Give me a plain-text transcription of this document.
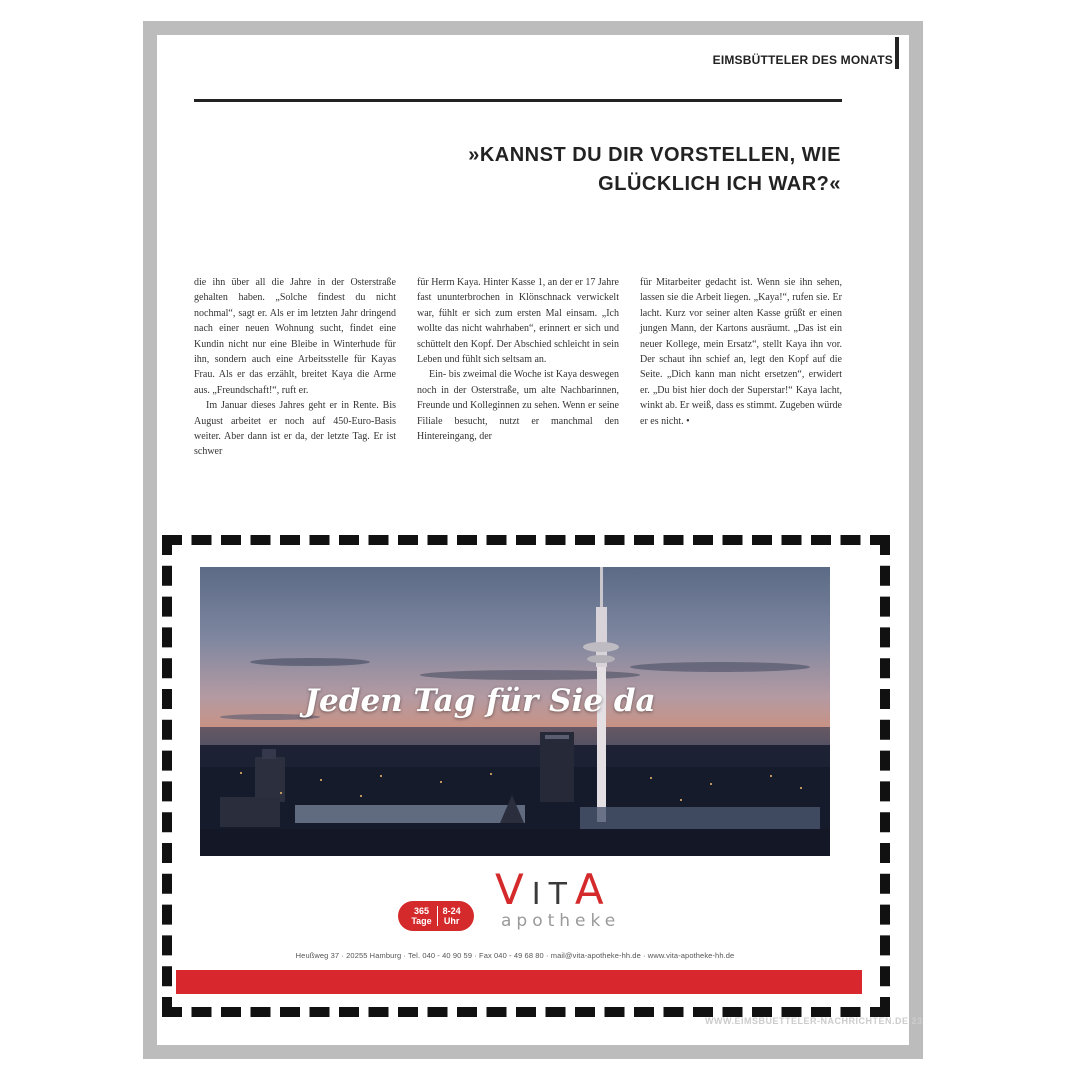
EIMSBÜTTELER DES MONATS
»KANNST DU DIR VORSTELLEN, WIE
GLÜCKLICH ICH WAR?«

die ihn über all die Jahre in der Osterstraße gehalten haben. „Solche findest du nicht nochmal“, sagt er. Als er im letzten Jahr dringend nach einer neuen Wohnung sucht, findet eine Kundin nicht nur eine Bleibe in Winterhude für ihn, sondern auch eine Arbeitsstelle für Kayas Frau. Als er das erzählt, breitet Kaya die Arme aus. „Freundschaft!“, ruft er.

Im Januar dieses Jahres geht er in Rente. Bis August arbeitet er noch auf 450-Euro-Basis weiter. Aber dann ist er da, der letzte Tag. Er ist schwer

für Herrn Kaya. Hinter Kasse 1, an der er 17 Jahre fast ununterbrochen in Klönschnack verwickelt war, fühlt er sich zum ersten Mal einsam. „Ich wollte das nicht wahrhaben“, erinnert er sich und schüttelt den Kopf. Der Abschied schleicht in sein Leben und fühlt sich seltsam an.

Ein- bis zweimal die Woche ist Kaya deswegen noch in der Osterstraße, um alte Nachbarinnen, Freunde und Kolleginnen zu sehen. Wenn er seine Filiale besucht, nutzt er manchmal den Hintereingang, der

für Mitarbeiter gedacht ist. Wenn sie ihn sehen, lassen sie die Arbeit liegen. „Kaya!“, rufen sie. Er lacht. Kurz vor seiner alten Kasse grüßt er einen jungen Mann, der Kartons ausräumt. „Das ist ein neuer Kollege, mein Ersatz“, stellt Kaya ihn vor. Der schaut ihn schief an, legt den Kopf auf die Seite. „Dich kann man nicht ersetzen“, erwidert er. „Du bist hier doch der Superstar!“ Kaya lacht, winkt ab. Er weiß, dass es stimmt. Zugeben würde er es nicht. •

WWW.EIMSBUETTELER-NACHRICHTEN.DE 23
Jeden Tag für Sie da
365
Tage
8-24
Uhr
VITA
apotheke
Heußweg 37 · 20255 Hamburg · Tel. 040 - 40 90 59 · Fax 040 - 49 68 80 · mail@vita-apotheke-hh.de · www.vita-apotheke-hh.de
